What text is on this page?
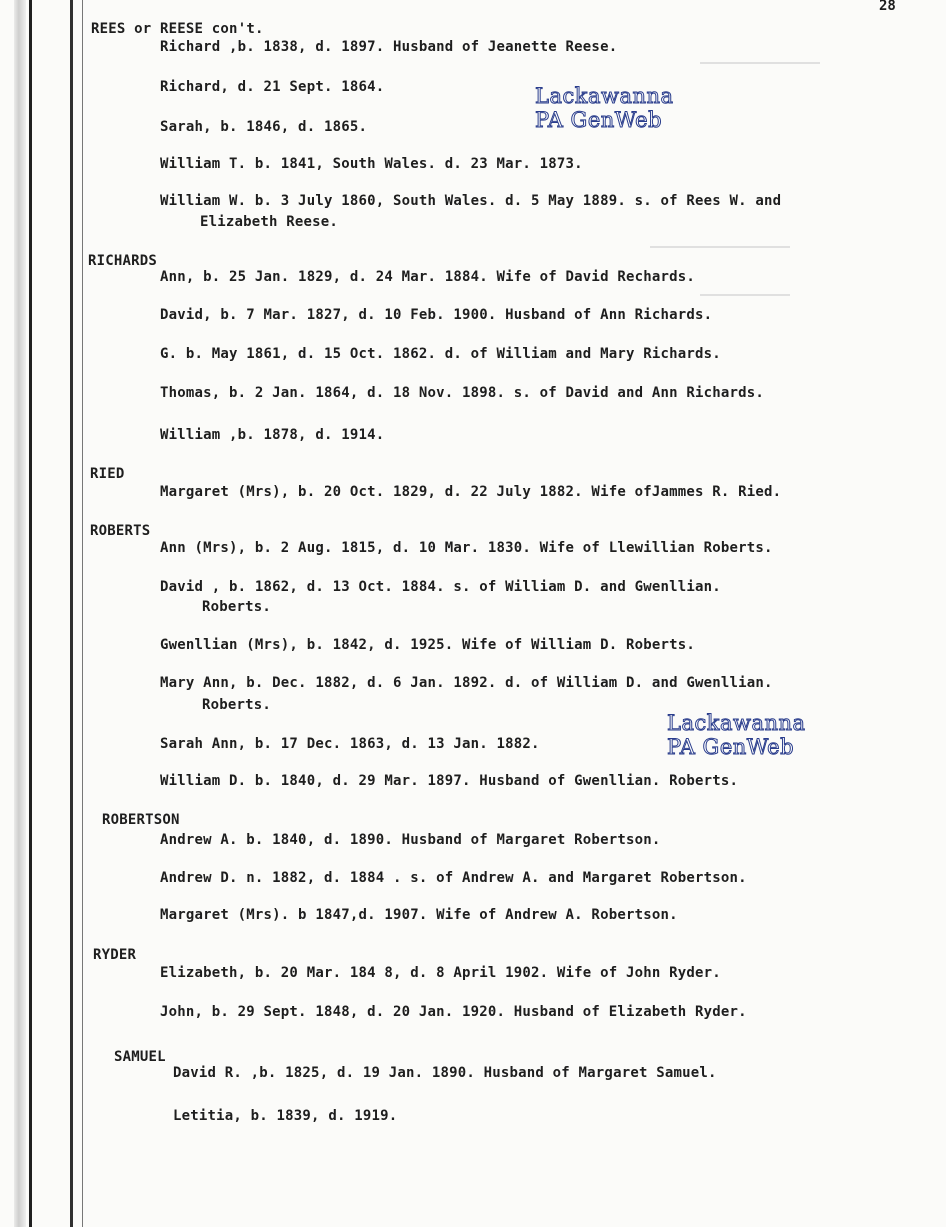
28
Lackawanna
PA GenWeb
Lackawanna
PA GenWeb
REES or REESE con't.
Richard ,b. 1838, d. 1897. Husband of Jeanette Reese.
Richard, d. 21 Sept. 1864.
Sarah, b. 1846, d. 1865.
William T. b. 1841, South Wales. d. 23 Mar. 1873.
William W. b. 3 July 1860, South Wales. d. 5 May 1889. s. of Rees W. and
Elizabeth Reese.
RICHARDS
Ann, b. 25 Jan. 1829, d. 24 Mar. 1884. Wife of David Rechards.
David, b. 7 Mar. 1827, d. 10 Feb. 1900. Husband of Ann Richards.
G. b. May 1861, d. 15 Oct. 1862. d. of William and Mary Richards.
Thomas, b. 2 Jan. 1864, d. 18 Nov. 1898. s. of David and Ann Richards.
William ,b. 1878, d. 1914.
RIED
Margaret (Mrs), b. 20 Oct. 1829, d. 22 July 1882. Wife ofJammes R. Ried.
ROBERTS
Ann (Mrs), b. 2 Aug. 1815, d. 10 Mar. 1830. Wife of Llewillian Roberts.
David , b. 1862, d. 13 Oct. 1884. s. of William D. and Gwenllian.
Roberts.
Gwenllian (Mrs), b. 1842, d. 1925. Wife of William D. Roberts.
Mary Ann, b. Dec. 1882, d. 6 Jan. 1892. d. of William D. and Gwenllian.
Roberts.
Sarah Ann, b. 17 Dec. 1863, d. 13 Jan. 1882.
William D. b. 1840, d. 29 Mar. 1897. Husband of Gwenllian. Roberts.
ROBERTSON
Andrew A. b. 1840, d. 1890. Husband of Margaret Robertson.
Andrew D. n. 1882, d. 1884 . s. of Andrew A. and Margaret Robertson.
Margaret (Mrs). b 1847,d. 1907. Wife of Andrew A. Robertson.
RYDER
Elizabeth, b. 20 Mar. 184 8, d. 8 April 1902. Wife of John Ryder.
John, b. 29 Sept. 1848, d. 20 Jan. 1920. Husband of Elizabeth Ryder.
SAMUEL
David R. ,b. 1825, d. 19 Jan. 1890. Husband of Margaret Samuel.
Letitia, b. 1839, d. 1919.
